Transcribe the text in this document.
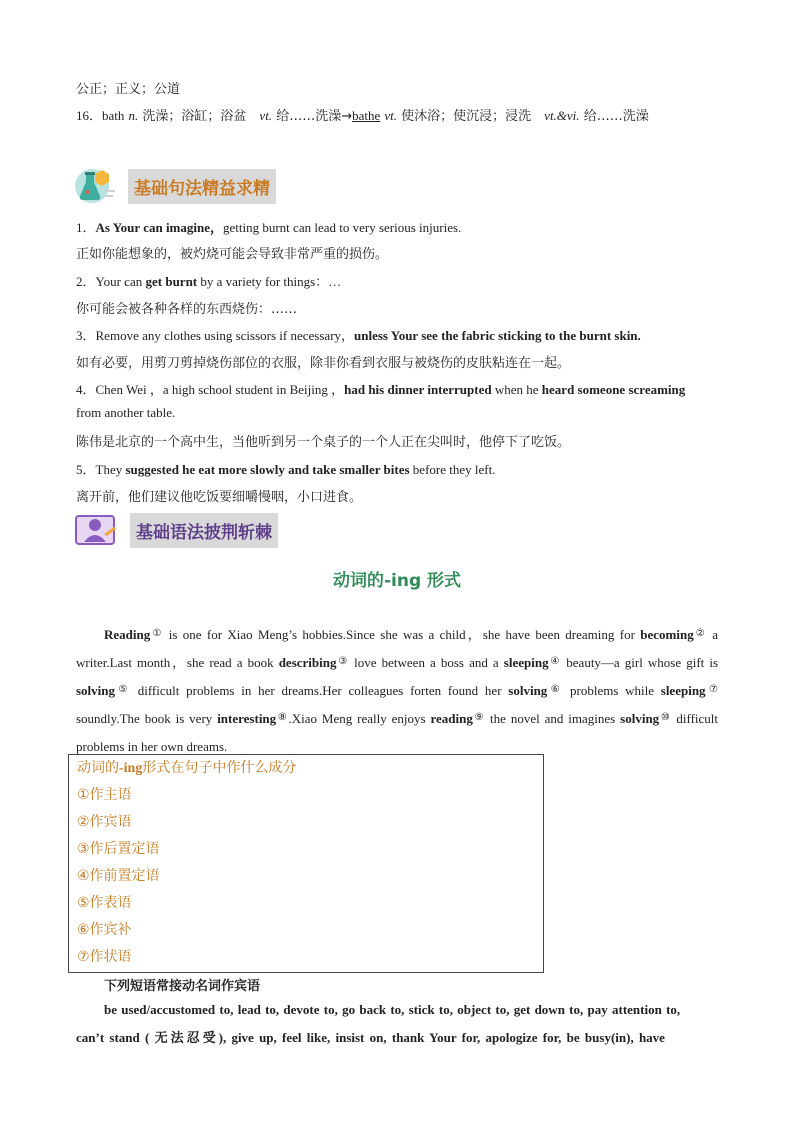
公正；正义；公道
16．bath n. 洗澡；浴缸；浴盆　vt. 给……洗澡→bathe vt. 使沐浴；使沉浸；浸洗　vt.&vi. 给……洗澡
基础句法精益求精
1．As Your can imagine，getting burnt can lead to very serious injuries.
正如你能想象的，被灼烧可能会导致非常严重的损伤。
2．Your can get burnt by a variety for things：…
你可能会被各种各样的东西烧伤：……
3．Remove any clothes using scissors if necessary，unless Your see the fabric sticking to the burnt skin.
如有必要，用剪刀剪掉烧伤部位的衣服，除非你看到衣服与被烧伤的皮肤粘连在一起。
4．Chen Wei ，a high school student in Beijing ，had his dinner interrupted when he heard someone screaming
from another table.
陈伟是北京的一个高中生，当他听到另一个桌子的一个人正在尖叫时，他停下了吃饭。
5．They suggested he eat more slowly and take smaller bites before they left.
离开前，他们建议他吃饭要细嚼慢咽，小口进食。
基础语法披荆斩棘
动词的-ing 形式
Reading① is one for Xiao Meng’s hobbies.Since she was a child，she have been dreaming for becoming② a writer.Last month，she read a book describing③ love between a boss and a sleeping④ beauty—a girl whose gift is solving⑤ difficult problems in her dreams.Her colleagues forten found her solving⑥ problems while sleeping⑦ soundly.The book is very interesting⑧.Xiao Meng really enjoys reading⑨ the novel and imagines solving⑩ difficult problems in her own dreams.
动词的-ing形式在句子中作什么成分
①作主语
②作宾语
③作后置定语
④作前置定语
⑤作表语
⑥作宾补
⑦作状语
下列短语常接动名词作宾语
be used/accustomed to, lead to, devote to, go back to, stick to, object to, get down to, pay attention to,
can’t stand ( 无法忍受), give up, feel like, insist on, thank Your for, apologize for, be busy(in), have
